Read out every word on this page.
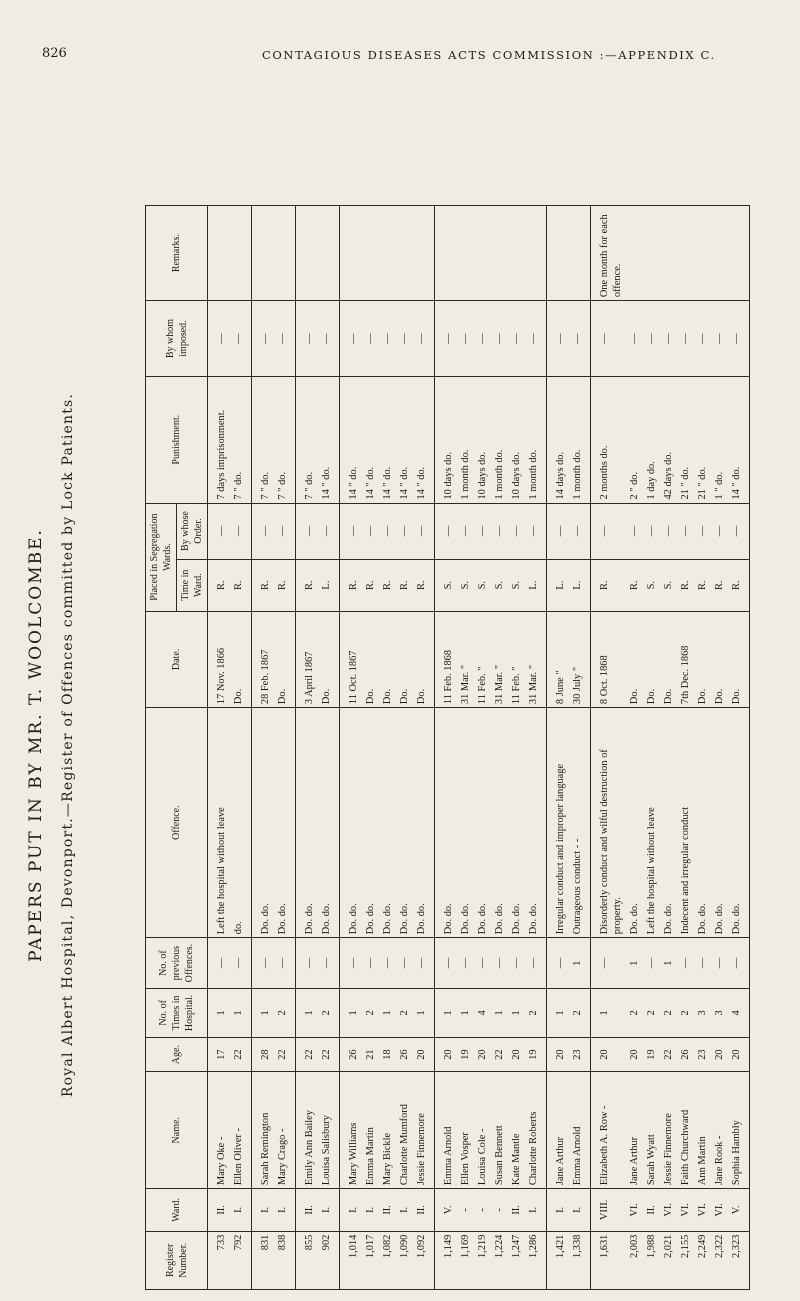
826	CONTAGIOUS DISEASES ACTS COMMISSION :—APPENDIX C.
PAPERS PUT IN BY MR. T. WOOLCOMBE. Royal Albert Hospital, Devonport.—Register of Offences committed by Lock Patients.
Register Number.	Ward.	Name.	Age.	No. of Times in Hospital.	No. of previous Offences.	Offence.	Date.	Placed in Segregation Wards.		Punishment.	By whom imposed.	Remarks.
								Time in Ward.	By whose Order.			
733	II.	Mary Oke -	17	1	—	Left the hospital without leave	17 Nov. 1866	R.	—	7 days imprisonment.	—	
792	I.	Ellen Oliver -	22	1	—	do.	Do.	R.	—	7 " do.	—	
831	I.	Sarah Remington	28	1	—	Do. do.	28 Feb. 1867	R.	—	7 " do.	—	
838	I.	Mary Crago -	22	2	—	Do. do.	Do.	R.	—	7 " do.	—	
855	II.	Emily Ann Bailey	22	1	—	Do. do.	3 April 1867	R.	—	7 " do.	—	
902	I.	Louisa Salisbury	22	2	—	Do. do.	Do.	L.	—	14 " do.	—	
1,014	I.	Mary Williams	26	1	—	Do. do.	11 Oct. 1867	R.	—	14 " do.	—	
1,017	I.	Emma Martin	21	2	—	Do. do.	Do.	R.	—	14 " do.	—	
1,082	II.	Mary Bickle	18	1	—	Do. do.	Do.	R.	—	14 " do.	—	
1,090	I.	Charlotte Mumford	26	2	—	Do. do.	Do.	R.	—	14 " do.	—	
1,092	II.	Jessie Finnemore	20	1	—	Do. do.	Do.	R.	—	14 " do.	—	
1,149	V.	Emma Arnold	20	1	—	Do. do.	11 Feb. 1868	S.	—	10 days do.	—	
1,169	-	Ellen Vosper	19	1	—	Do. do.	31 Mar. "	S.	—	1 month do.	—	
1,219	-	Louisa Cole -	20	4	—	Do. do.	11 Feb. "	S.	—	10 days do.	—	
1,224	-	Susan Bennett	22	1	—	Do. do.	31 Mar. "	S.	—	1 month do.	—	
1,247	II.	Kate Mantle	20	1	—	Do. do.	11 Feb. "	S.	—	10 days do.	—	
1,286	I.	Charlotte Roberts	19	2	—	Do. do.	31 Mar. "	L.	—	1 month do.	—	
1,421	I.	Jane Arthur	20	1	—	Irregular conduct and improper language	8 June "	L.	—	14 days do.	—	
1,338	I.	Emma Arnold	23	2	1	Outrageous conduct - -	30 July "	L.	—	1 month do.	—	
1,631	VIII.	Elizabeth A. Row -	20	1	—	Disorderly conduct and wilful destruction of property.	8 Oct. 1868	R.	—	2 months do.	—	One month for each offence.
2,003	VI.	Jane Arthur	20	2	1	Do. do.	Do.	R.	—	2 " do.	—	
1,988	II.	Sarah Wyatt	19	2	—	Left the hospital without leave	Do.	S.	—	1 day do.	—	
2,021	VI.	Jessie Finnemore	22	2	1	Do. do.	Do.	S.	—	42 days do.	—	
2,155	VI.	Faith Churchward	26	2	—	Indecent and irregular conduct	7th Dec. 1868	R.	—	21 " do.	—	
2,249	VI.	Ann Martin	23	3	—	Do. do.	Do.	R.	—	21 " do.	—	
2,322	VI.	Jane Rook -	20	3	—	Do. do.	Do.	R.	—	1 " do.	—	
2,323	V.	Sophia Hambly	20	4	—	Do. do.	Do.	R.	—	14 " do.	—	
